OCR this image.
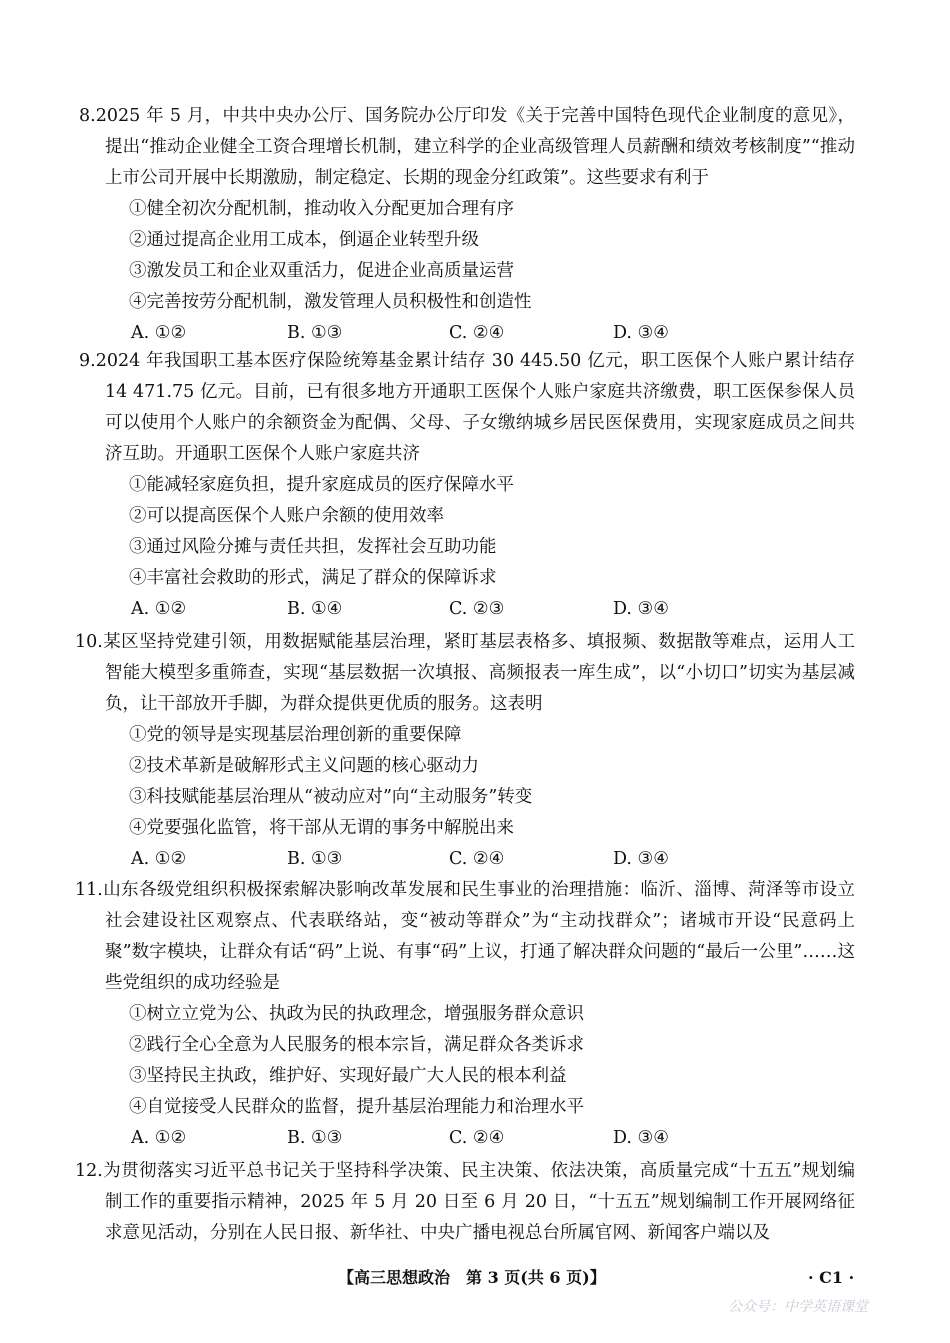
8.2025 年 5 月，中共中央办公厅、国务院办公厅印发《关于完善中国特色现代企业制度的意见》，提出“推动企业健全工资合理增长机制，建立科学的企业高级管理人员薪酬和绩效考核制度”“推动上市公司开展中长期激励，制定稳定、长期的现金分红政策”。这些要求有利于

①健全初次分配机制，推动收入分配更加合理有序

②通过提高企业用工成本，倒逼企业转型升级

③激发员工和企业双重活力，促进企业高质量运营

④完善按劳分配机制，激发管理人员积极性和创造性

A. ①②	B. ①③	C. ②④	D. ③④

9.2024 年我国职工基本医疗保险统筹基金累计结存 30 445.50 亿元，职工医保个人账户累计结存 14 471.75 亿元。目前，已有很多地方开通职工医保个人账户家庭共济缴费，职工医保参保人员可以使用个人账户的余额资金为配偶、父母、子女缴纳城乡居民医保费用，实现家庭成员之间共济互助。开通职工医保个人账户家庭共济

①能减轻家庭负担，提升家庭成员的医疗保障水平

②可以提高医保个人账户余额的使用效率

③通过风险分摊与责任共担，发挥社会互助功能

④丰富社会救助的形式，满足了群众的保障诉求

A. ①②	B. ①④	C. ②③	D. ③④

10.某区坚持党建引领，用数据赋能基层治理，紧盯基层表格多、填报频、数据散等难点，运用人工智能大模型多重筛查，实现“基层数据一次填报、高频报表一库生成”，以“小切口”切实为基层减负，让干部放开手脚，为群众提供更优质的服务。这表明

①党的领导是实现基层治理创新的重要保障

②技术革新是破解形式主义问题的核心驱动力

③科技赋能基层治理从“被动应对”向“主动服务”转变

④党要强化监管，将干部从无谓的事务中解脱出来

A. ①②	B. ①③	C. ②④	D. ③④

11.山东各级党组织积极探索解决影响改革发展和民生事业的治理措施：临沂、淄博、菏泽等市设立社会建设社区观察点、代表联络站，变“被动等群众”为“主动找群众”；诸城市开设“民意码上聚”数字模块，让群众有话“码”上说、有事“码”上议，打通了解决群众问题的“最后一公里”……这些党组织的成功经验是

①树立立党为公、执政为民的执政理念，增强服务群众意识

②践行全心全意为人民服务的根本宗旨，满足群众各类诉求

③坚持民主执政，维护好、实现好最广大人民的根本利益

④自觉接受人民群众的监督，提升基层治理能力和治理水平

A. ①②	B. ①③	C. ②④	D. ③④

12.为贯彻落实习近平总书记关于坚持科学决策、民主决策、依法决策，高质量完成“十五五”规划编制工作的重要指示精神，2025 年 5 月 20 日至 6 月 20 日，“十五五”规划编制工作开展网络征求意见活动，分别在人民日报、新华社、中央广播电视总台所属官网、新闻客户端以及

【高三思想政治　第 3 页(共 6 页)】	· C1 ·
公众号：中学英语课堂
